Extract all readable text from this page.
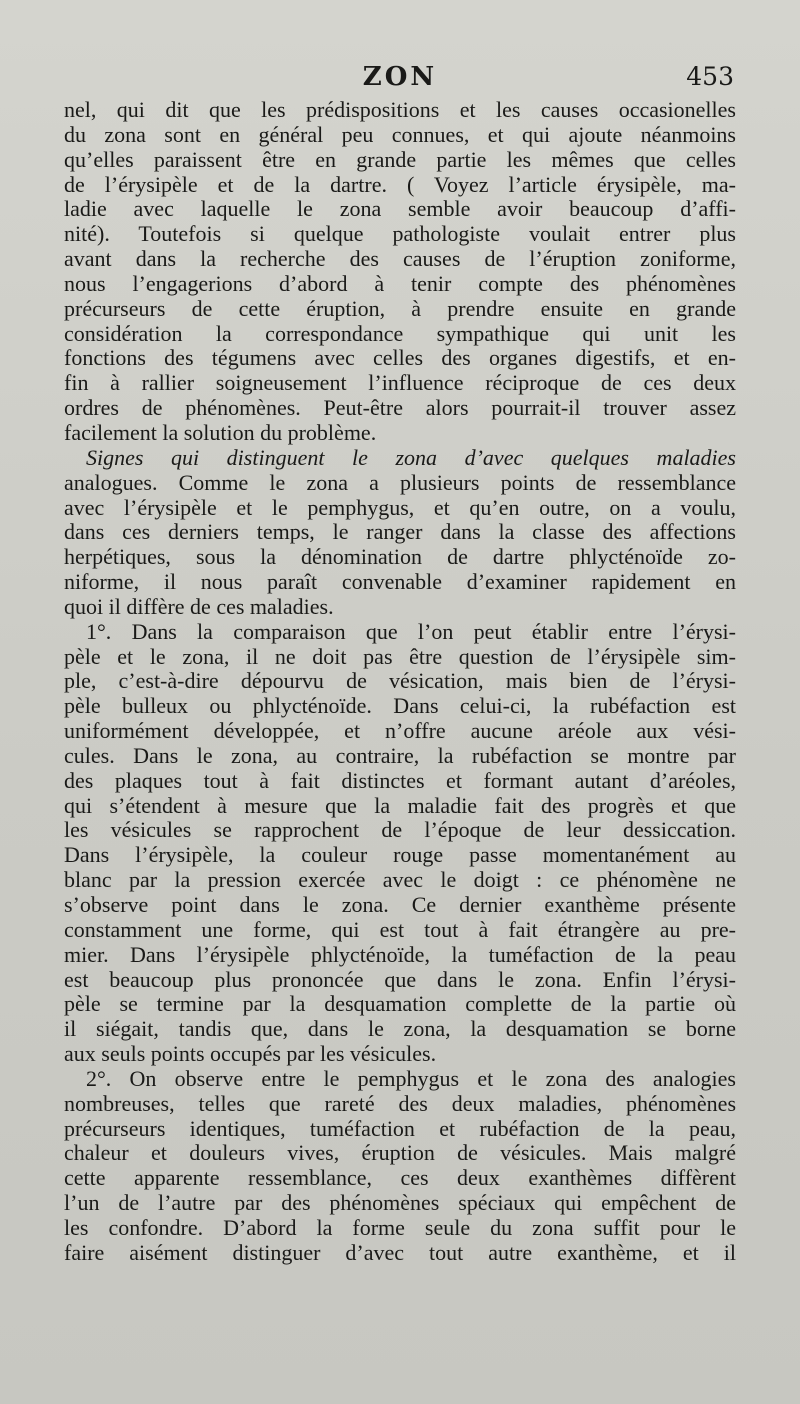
ZON	453
nel, qui dit que les prédispositions et les causes occasionelles
du zona sont en général peu connues, et qui ajoute néanmoins
qu’elles paraissent être en grande partie les mêmes que celles
de l’érysipèle et de la dartre. ( Voyez l’article érysipèle, ma-
ladie avec laquelle le zona semble avoir beaucoup d’affi-
nité). Toutefois si quelque pathologiste voulait entrer plus
avant dans la recherche des causes de l’éruption zoniforme,
nous l’engagerions d’abord à tenir compte des phénomènes
précurseurs de cette éruption, à prendre ensuite en grande
considération la correspondance sympathique qui unit les
fonctions des tégumens avec celles des organes digestifs, et en-
fin à rallier soigneusement l’influence réciproque de ces deux
ordres de phénomènes. Peut-être alors pourrait-il trouver assez
facilement la solution du problème.
Signes qui distinguent le zona d’avec quelques maladies
analogues. Comme le zona a plusieurs points de ressemblance
avec l’érysipèle et le pemphygus, et qu’en outre, on a voulu,
dans ces derniers temps, le ranger dans la classe des affections
herpétiques, sous la dénomination de dartre phlycténoïde zo-
niforme, il nous paraît convenable d’examiner rapidement en
quoi il diffère de ces maladies.
1°. Dans la comparaison que l’on peut établir entre l’érysi-
pèle et le zona, il ne doit pas être question de l’érysipèle sim-
ple, c’est-à-dire dépourvu de vésication, mais bien de l’érysi-
pèle bulleux ou phlycténoïde. Dans celui-ci, la rubéfaction est
uniformément développée, et n’offre aucune aréole aux vési-
cules. Dans le zona, au contraire, la rubéfaction se montre par
des plaques tout à fait distinctes et formant autant d’aréoles,
qui s’étendent à mesure que la maladie fait des progrès et que
les vésicules se rapprochent de l’époque de leur dessiccation.
Dans l’érysipèle, la couleur rouge passe momentanément au
blanc par la pression exercée avec le doigt : ce phénomène ne
s’observe point dans le zona. Ce dernier exanthème présente
constamment une forme, qui est tout à fait étrangère au pre-
mier. Dans l’érysipèle phlycténoïde, la tuméfaction de la peau
est beaucoup plus prononcée que dans le zona. Enfin l’érysi-
pèle se termine par la desquamation complette de la partie où
il siégait, tandis que, dans le zona, la desquamation se borne
aux seuls points occupés par les vésicules.
2°. On observe entre le pemphygus et le zona des analogies
nombreuses, telles que rareté des deux maladies, phénomènes
précurseurs identiques, tuméfaction et rubéfaction de la peau,
chaleur et douleurs vives, éruption de vésicules. Mais malgré
cette apparente ressemblance, ces deux exanthèmes diffèrent
l’un de l’autre par des phénomènes spéciaux qui empêchent de
les confondre. D’abord la forme seule du zona suffit pour le
faire aisément distinguer d’avec tout autre exanthème, et il
